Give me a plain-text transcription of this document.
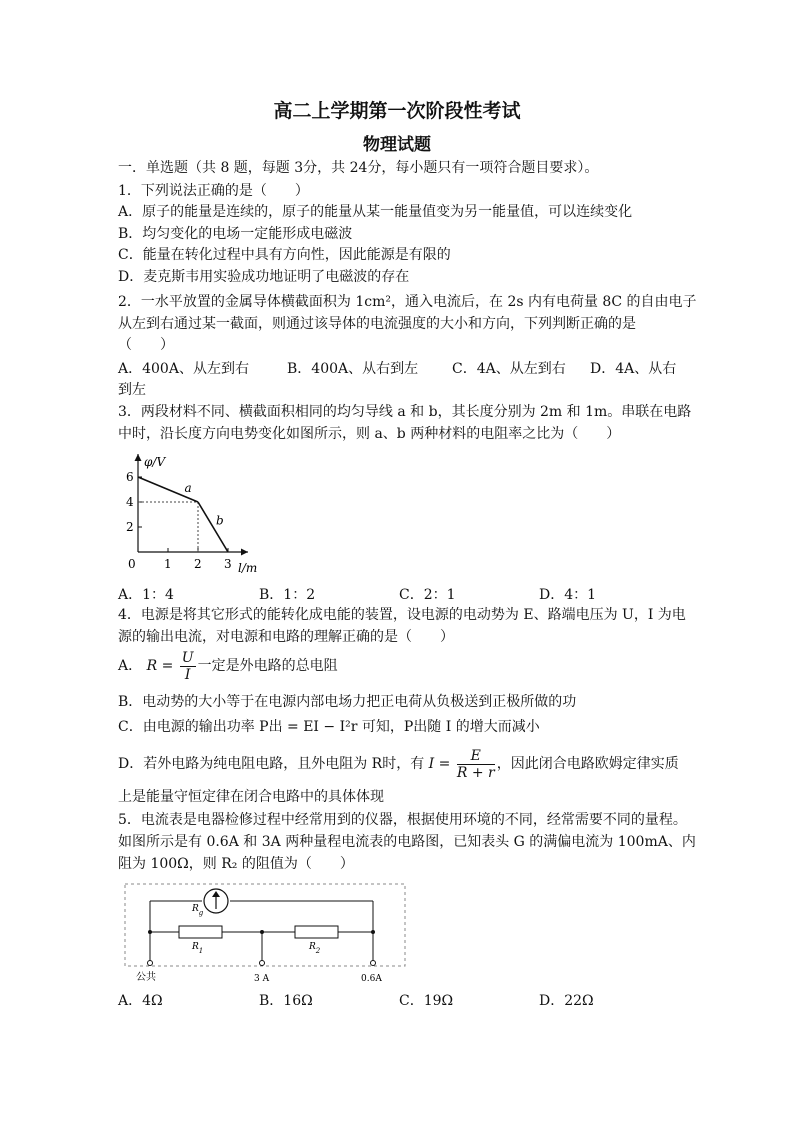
高二上学期第一次阶段性考试
物理试题
一．单选题（共 8 题，每题 3分，共 24分，每小题只有一项符合题目要求）。
1．下列说法正确的是（　　）
A．原子的能量是连续的，原子的能量从某一能量值变为另一能量值，可以连续变化
B．均匀变化的电场一定能形成电磁波
C．能量在转化过程中具有方向性，因此能源是有限的
D．麦克斯韦用实验成功地证明了电磁波的存在
2．一水平放置的金属导体横截面积为 1cm²，通入电流后，在 2s 内有电荷量 8C 的自由电子
从左到右通过某一截面，则通过该导体的电流强度的大小和方向，下列判断正确的是
（　　）
A．400A、从左到右	B．400A、从右到左 C．4A、从左到右 D．4A、从右
到左
3．两段材料不同、横截面积相同的均匀导线 a 和 b，其长度分别为 2m 和 1m。串联在电路
中时，沿长度方向电势变化如图所示，则 a、b 两种材料的电阻率之比为（　　）
φ/V
l/m
6
4
2
0 1 2 3
a
b
A．1：4	B．1：2	C．2：1	D．4：1
4．电源是将其它形式的能转化成电能的装置，设电源的电动势为 E、路端电压为 U，I 为电
源的输出电流，对电源和电路的理解正确的是（　　）
A． $R = \frac{U}{I}$ 一定是外电路的总电阻
B．电动势的大小等于在电源内部电场力把正电荷从负极送到正极所做的功
C．由电源的输出功率 P出 = EI − I²r 可知，P出随 I 的增大而减小
D．若外电路为纯电阻电路，且外电阻为 R时，有 $I = \frac{E}{R + r}$ ，因此闭合电路欧姆定律实质
上是能量守恒定律在闭合电路中的具体体现
5．电流表是电器检修过程中经常用到的仪器，根据使用环境的不同，经常需要不同的量程。
如图所示是有 0.6A 和 3A 两种量程电流表的电路图，已知表头 G 的满偏电流为 100mA、内
阻为 100Ω，则 R₂ 的阻值为（　　）
$R_g$
$R_1$	$R_2$
公共	3 A	0.6A
A．4Ω	B．16Ω	C．19Ω	D．22Ω
